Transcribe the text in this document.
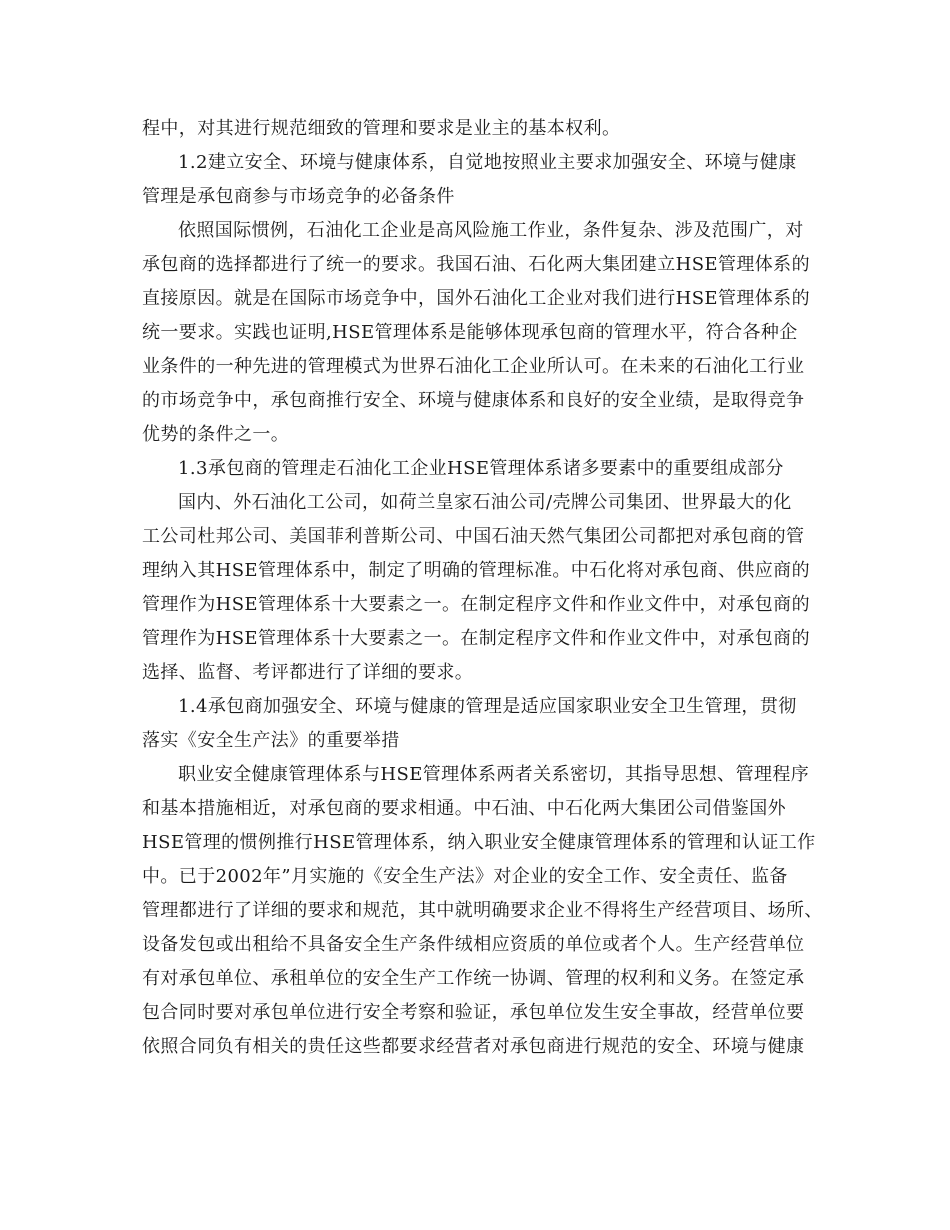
程中，对其进行规范细致的管理和要求是业主的基本权利。
1.2建立安全、环境与健康体系，自觉地按照业主要求加强安全、环境与健康
管理是承包商参与市场竞争的必备条件
依照国际惯例，石油化工企业是高风险施工作业，条件复杂、涉及范围广，对
承包商的选择都进行了统一的要求。我国石油、石化两大集团建立HSE管理体系的
直接原因。就是在国际市场竞争中，国外石油化工企业对我们进行HSE管理体系的
统一要求。实践也证明,HSE管理体系是能够体现承包商的管理水平，符合各种企
业条件的一种先进的管理模式为世界石油化工企业所认可。在未来的石油化工行业
的市场竞争中，承包商推行安全、环境与健康体系和良好的安全业绩，是取得竞争
优势的条件之一。
1.3承包商的管理走石油化工企业HSE管理体系诸多要素中的重要组成部分
国内、外石油化工公司，如荷兰皇家石油公司/壳牌公司集团、世界最大的化
工公司杜邦公司、美国菲利普斯公司、中国石油天然气集团公司都把对承包商的管
理纳入其HSE管理体系中，制定了明确的管理标准。中石化将对承包商、供应商的
管理作为HSE管理体系十大要素之一。在制定程序文件和作业文件中，对承包商的
管理作为HSE管理体系十大要素之一。在制定程序文件和作业文件中，对承包商的
选择、监督、考评都进行了详细的要求。
1.4承包商加强安全、环境与健康的管理是适应国家职业安全卫生管理，贯彻
落实《安全生产法》的重要举措
职业安全健康管理体系与HSE管理体系两者关系密切，其指导思想、管理程序
和基本措施相近，对承包商的要求相通。中石油、中石化两大集团公司借鉴国外
HSE管理的惯例推行HSE管理体系，纳入职业安全健康管理体系的管理和认证工作
中。已于2002年”月实施的《安全生产法》对企业的安全工作、安全责任、监备
管理都进行了详细的要求和规范，其中就明确要求企业不得将生产经营项目、场所、
设备发包或出租给不具备安全生产条件绒相应资质的单位或者个人。生产经营单位
有对承包单位、承租单位的安全生产工作统一协调、管理的权利和义务。在签定承
包合同时要对承包单位进行安全考察和验证，承包单位发生安全事故，经营单位要
依照合同负有相关的贵任这些都要求经营者对承包商进行规范的安全、环境与健康
